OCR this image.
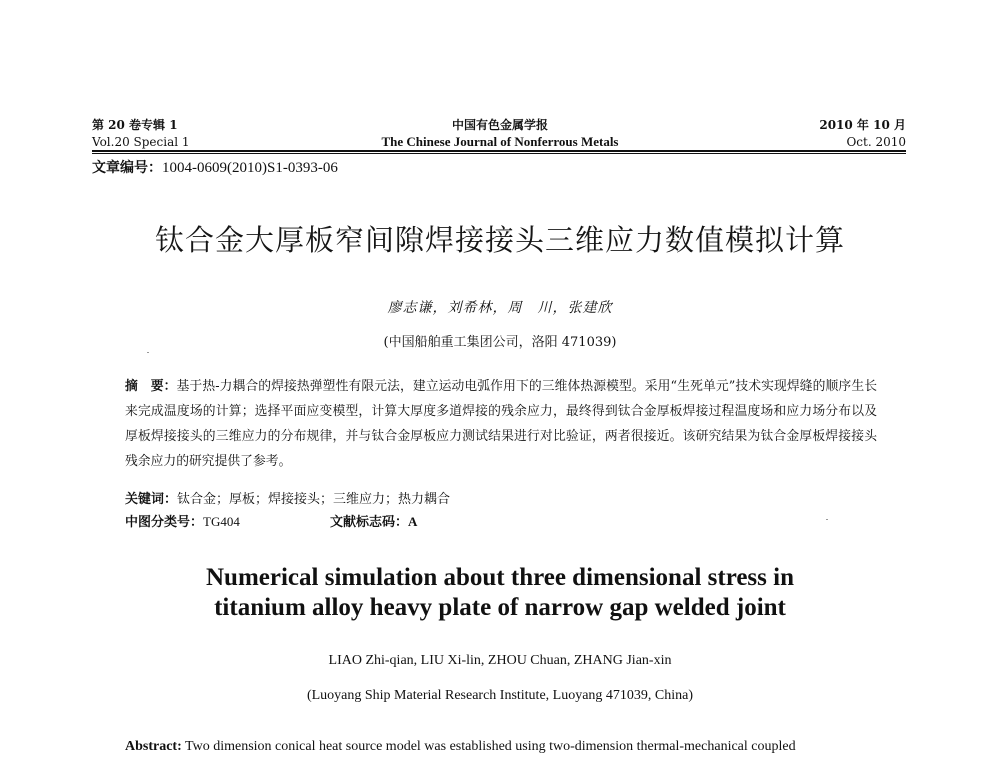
第 20 卷专辑 1
Vol.20 Special 1
中国有色金属学报
The Chinese Journal of Nonferrous Metals
2010 年 10 月
Oct. 2010
文章编号：1004-0609(2010)S1-0393-06
钛合金大厚板窄间隙焊接接头三维应力数值模拟计算
廖志谦，刘希林，周　川，张建欣
(中国船舶重工集团公司，洛阳 471039)
摘　要：基于热-力耦合的焊接热弹塑性有限元法，建立运动电弧作用下的三维体热源模型。采用“生死单元”技术实现焊缝的顺序生长来完成温度场的计算；选择平面应变模型，计算大厚度多道焊接的残余应力，最终得到钛合金厚板焊接过程温度场和应力场分布以及厚板焊接接头的三维应力的分布规律，并与钛合金厚板应力测试结果进行对比验证，两者很接近。该研究结果为钛合金厚板焊接接头残余应力的研究提供了参考。
关键词：钛合金；厚板；焊接接头；三维应力；热力耦合
中图分类号：TG404	文献标志码：A
Numerical simulation about three dimensional stress in
titanium alloy heavy plate of narrow gap welded joint
LIAO Zhi-qian, LIU Xi-lin, ZHOU Chuan, ZHANG Jian-xin
(Luoyang Ship Material Research Institute, Luoyang 471039, China)
Abstract: Two dimension conical heat source model was established using two-dimension thermal-mechanical coupled
